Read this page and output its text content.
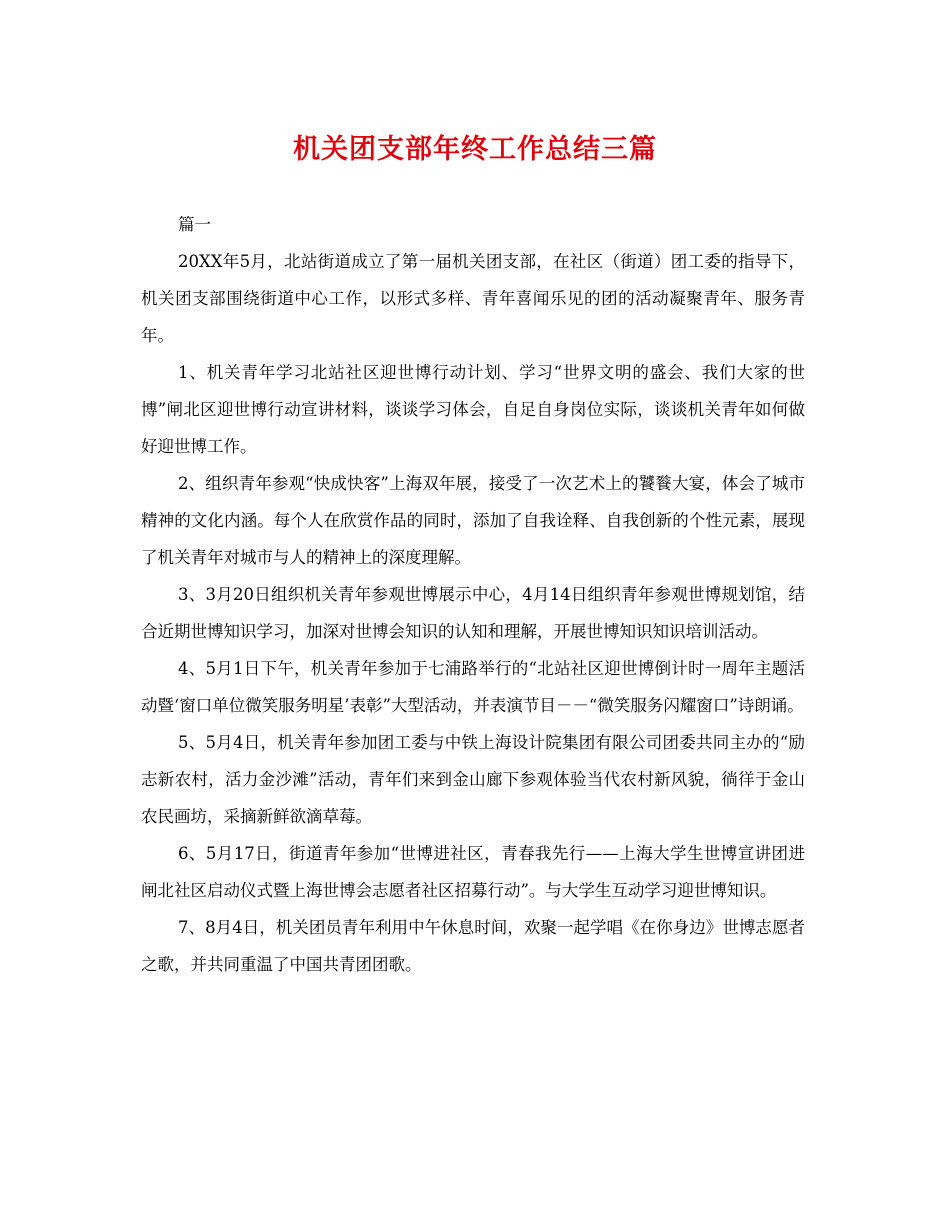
机关团支部年终工作总结三篇

篇一

20XX年5月，北站街道成立了第一届机关团支部，在社区（街道）团工委的指导下，机关团支部围绕街道中心工作，以形式多样、青年喜闻乐见的团的活动凝聚青年、服务青年。

1、机关青年学习北站社区迎世博行动计划、学习“世界文明的盛会、我们大家的世博”闸北区迎世博行动宣讲材料，谈谈学习体会，自足自身岗位实际，谈谈机关青年如何做好迎世博工作。

2、组织青年参观“快成快客”上海双年展，接受了一次艺术上的饕餮大宴，体会了城市精神的文化内涵。每个人在欣赏作品的同时，添加了自我诠释、自我创新的个性元素，展现了机关青年对城市与人的精神上的深度理解。

3、3月20日组织机关青年参观世博展示中心，4月14日组织青年参观世博规划馆，结合近期世博知识学习，加深对世博会知识的认知和理解，开展世博知识知识培训活动。

4、5月1日下午，机关青年参加于七浦路举行的“北站社区迎世博倒计时一周年主题活动暨‘窗口单位微笑服务明星’表彰”大型活动，并表演节目－－“微笑服务闪耀窗口”诗朗诵。

5、5月4日，机关青年参加团工委与中铁上海设计院集团有限公司团委共同主办的“励志新农村，活力金沙滩”活动，青年们来到金山廊下参观体验当代农村新风貌，徜徉于金山农民画坊，采摘新鲜欲滴草莓。

6、5月17日，街道青年参加“世博进社区，青春我先行——上海大学生世博宣讲团进闸北社区启动仪式暨上海世博会志愿者社区招募行动”。与大学生互动学习迎世博知识。

7、8月4日，机关团员青年利用中午休息时间，欢聚一起学唱《在你身边》世博志愿者之歌，并共同重温了中国共青团团歌。
